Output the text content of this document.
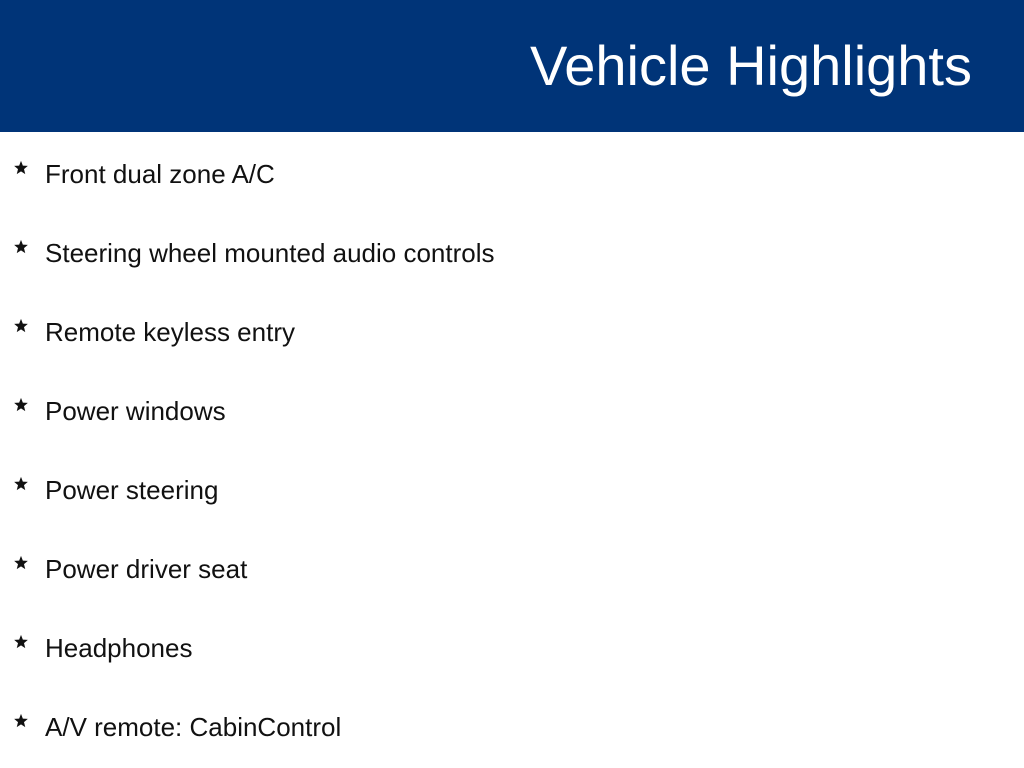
Vehicle Highlights
Front dual zone A/C
Steering wheel mounted audio controls
Remote keyless entry
Power windows
Power steering
Power driver seat
Headphones
A/V remote: CabinControl
